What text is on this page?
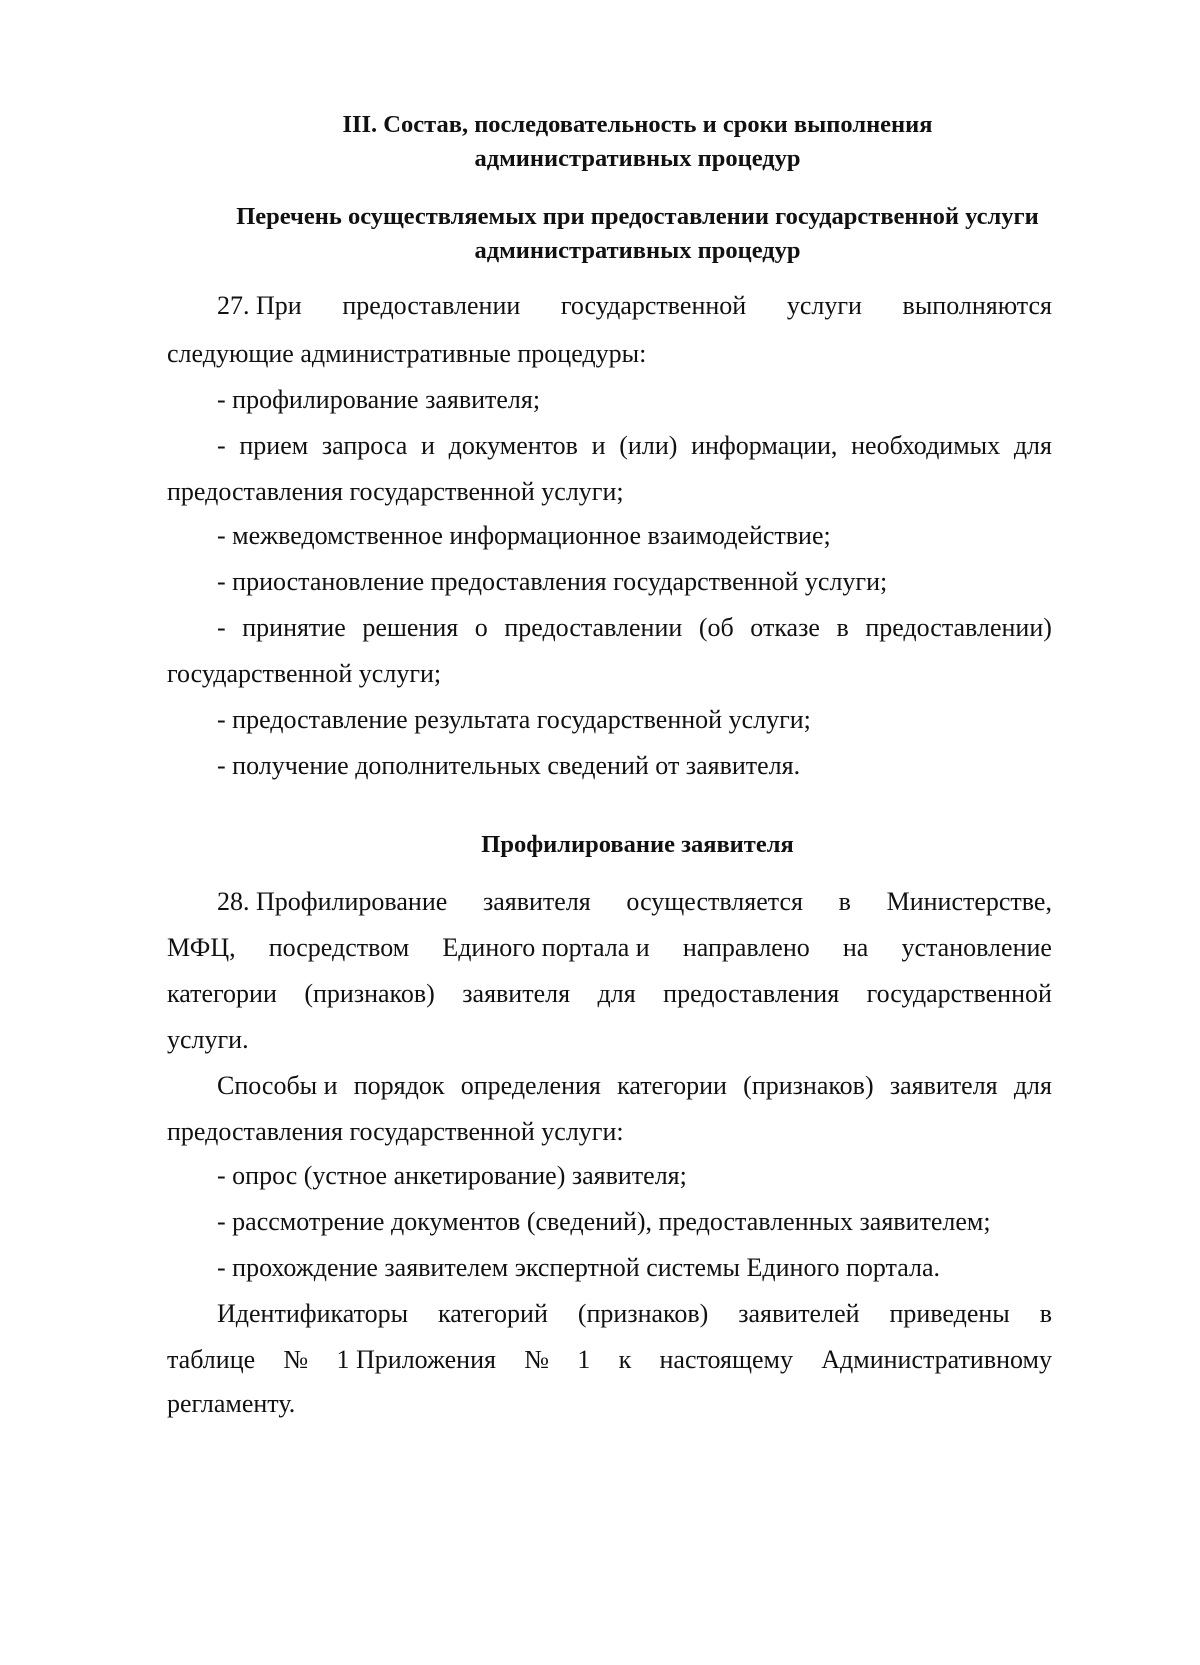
III. Состав, последовательность и сроки выполнения
административных процедур
Перечень осуществляемых при предоставлении государственной услуги
административных процедур
27. При предоставлении государственной услуги выполняются
следующие административные процедуры:
- профилирование заявителя;
- прием запроса и документов и (или) информации, необходимых для
предоставления государственной услуги;
- межведомственное информационное взаимодействие;
- приостановление предоставления государственной услуги;
- принятие решения о предоставлении (об отказе в предоставлении)
государственной услуги;
- предоставление результата государственной услуги;
- получение дополнительных сведений от заявителя.
Профилирование заявителя
28. Профилирование заявителя осуществляется в Министерстве,
МФЦ, посредством Единого портала и направлено на установление
категории (признаков) заявителя для предоставления государственной
услуги.
Способы и порядок определения категории (признаков) заявителя для
предоставления государственной услуги:
- опрос (устное анкетирование) заявителя;
- рассмотрение документов (сведений), предоставленных заявителем;
- прохождение заявителем экспертной системы Единого портала.
Идентификаторы категорий (признаков) заявителей приведены в
таблице № 1 Приложения № 1 к настоящему Административному
регламенту.
